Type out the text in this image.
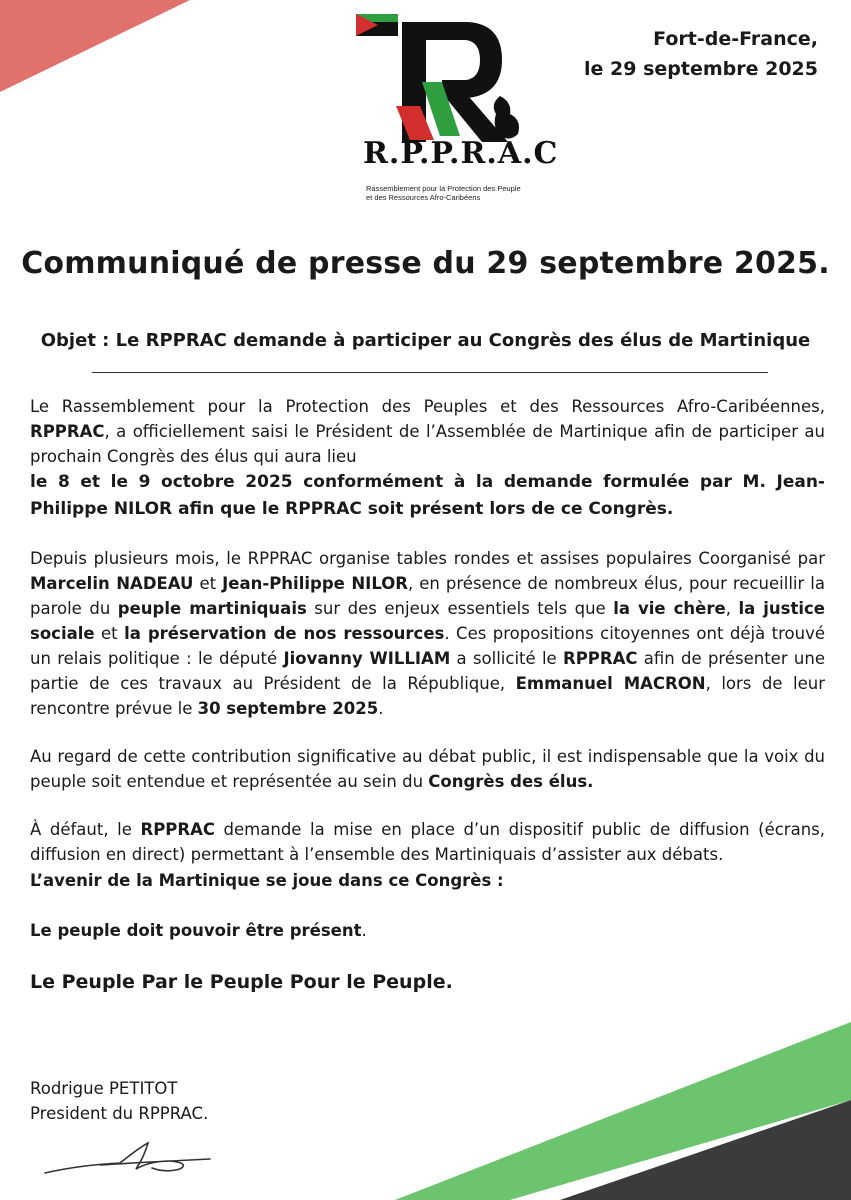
R.P.P.R.A.C
Rassemblement pour la Protection des Peuple
et des Ressources Afro-Caribéens
Fort-de-France,
le 29 septembre 2025
Communiqué de presse du 29 septembre 2025.
Objet : Le RPPRAC demande à participer au Congrès des élus de Martinique

Le Rassemblement pour la Protection des Peuples et des Ressources Afro-Caribéennes, RPPRAC, a officiellement saisi le Président de l’Assemblée de Martinique afin de participer au prochain Congrès des élus qui aura lieu

le 8 et le 9 octobre 2025 conformément à la demande formulée par M. Jean-Philippe NILOR afin que le RPPRAC soit présent lors de ce Congrès.

Depuis plusieurs mois, le RPPRAC organise tables rondes et assises populaires Coorganisé par Marcelin NADEAU et Jean-Philippe NILOR, en présence de nombreux élus, pour recueillir la parole du peuple martiniquais sur des enjeux essentiels tels que la vie chère, la justice sociale et la préservation de nos ressources. Ces propositions citoyennes ont déjà trouvé un relais politique : le député Jiovanny WILLIAM a sollicité le RPPRAC afin de présenter une partie de ces travaux au Président de la République, Emmanuel MACRON, lors de leur rencontre prévue le 30 septembre 2025.

Au regard de cette contribution significative au débat public, il est indispensable que la voix du peuple soit entendue et représentée au sein du Congrès des élus.

À défaut, le RPPRAC demande la mise en place d’un dispositif public de diffusion (écrans, diffusion en direct) permettant à l’ensemble des Martiniquais d’assister aux débats.

L’avenir de la Martinique se joue dans ce Congrès :

Le peuple doit pouvoir être présent.

Le Peuple Par le Peuple Pour le Peuple.

Rodrigue PETITOT
President du RPPRAC.
